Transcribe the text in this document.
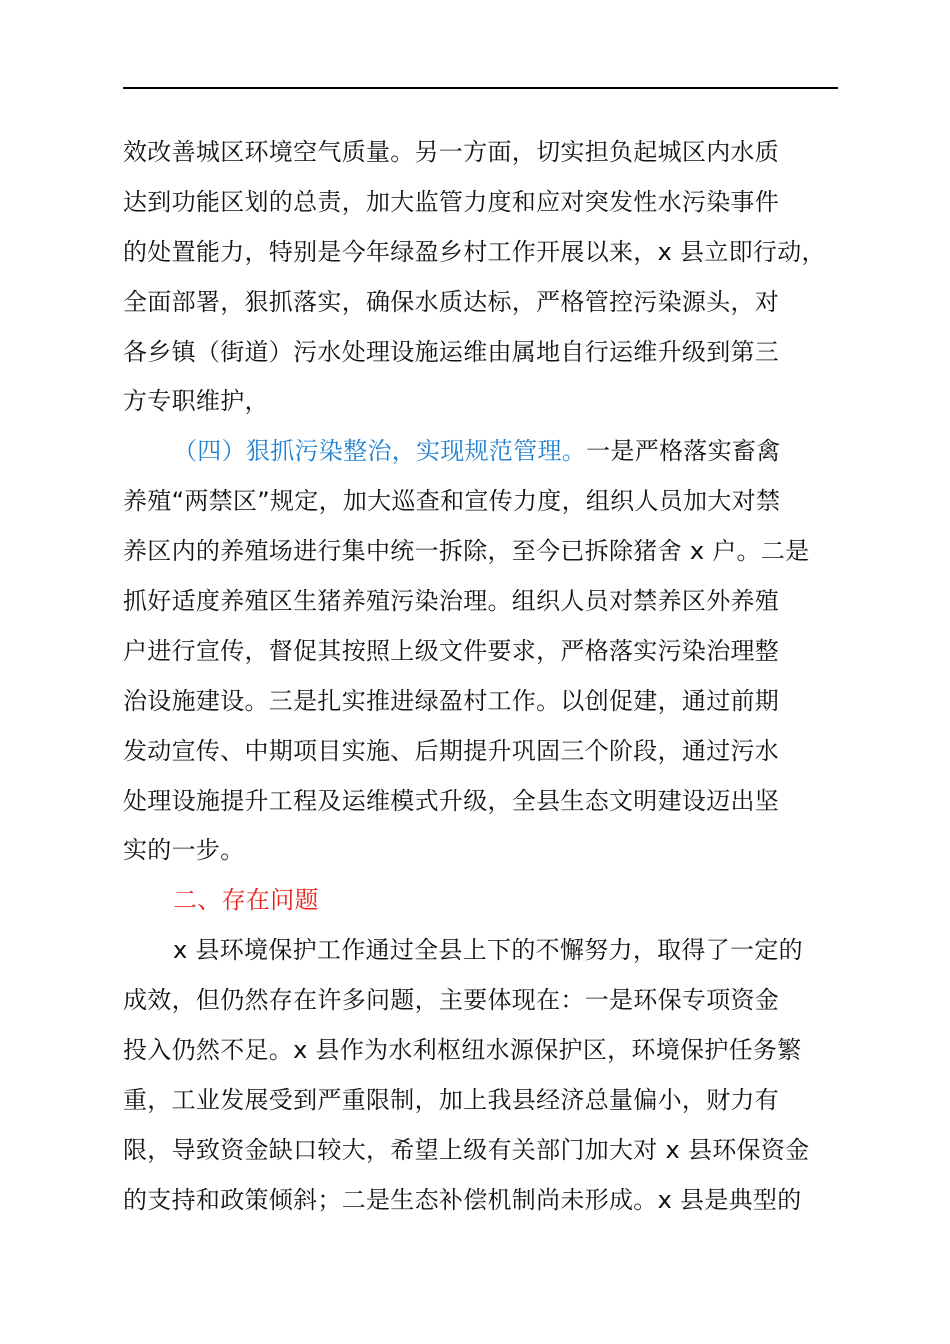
效改善城区环境空气质量。另一方面，切实担负起城区内水质
达到功能区划的总责，加大监管力度和应对突发性水污染事件
的处置能力，特别是今年绿盈乡村工作开展以来，x 县立即行动，
全面部署，狠抓落实，确保水质达标，严格管控污染源头，对
各乡镇（街道）污水处理设施运维由属地自行运维升级到第三
方专职维护，
（四）狠抓污染整治，实现规范管理。一是严格落实畜禽
养殖“两禁区”规定，加大巡查和宣传力度，组织人员加大对禁
养区内的养殖场进行集中统一拆除，至今已拆除猪舍 x 户。二是
抓好适度养殖区生猪养殖污染治理。组织人员对禁养区外养殖
户进行宣传，督促其按照上级文件要求，严格落实污染治理整
治设施建设。三是扎实推进绿盈村工作。以创促建，通过前期
发动宣传、中期项目实施、后期提升巩固三个阶段，通过污水
处理设施提升工程及运维模式升级，全县生态文明建设迈出坚
实的一步。
二、存在问题
x 县环境保护工作通过全县上下的不懈努力，取得了一定的
成效，但仍然存在许多问题，主要体现在：一是环保专项资金
投入仍然不足。x 县作为水利枢纽水源保护区，环境保护任务繁
重，工业发展受到严重限制，加上我县经济总量偏小，财力有
限，导致资金缺口较大，希望上级有关部门加大对 x 县环保资金
的支持和政策倾斜；二是生态补偿机制尚未形成。x 县是典型的
